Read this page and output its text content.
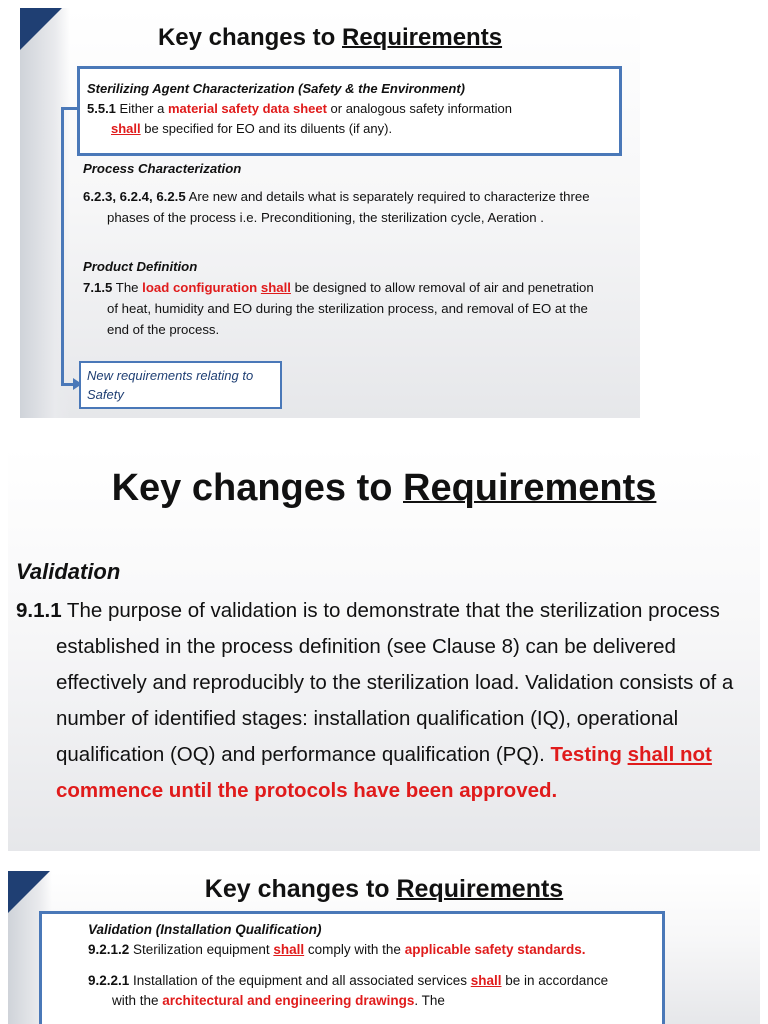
Key changes to Requirements
Sterilizing Agent Characterization (Safety & the Environment)
5.5.1 Either a material safety data sheet or analogous safety information
shall be specified for EO and its diluents (if any).
Process Characterization
6.2.3, 6.2.4, 6.2.5 Are new and details what is separately required to characterize three phases of the process i.e. Preconditioning, the sterilization cycle, Aeration .
Product Definition
7.1.5 The load configuration shall be designed to allow removal of air and penetration of heat, humidity and EO during the sterilization process, and removal of EO at the end of the process.
New requirements relating to Safety
Key changes to Requirements
Validation
9.1.1 The purpose of validation is to demonstrate that the sterilization process established in the process definition (see Clause 8) can be delivered effectively and reproducibly to the sterilization load. Validation consists of a number of identified stages: installation qualification (IQ), operational qualification (OQ) and performance qualification (PQ). Testing shall not commence until the protocols have been approved.
Key changes to Requirements
Validation (Installation Qualification)
9.2.1.2 Sterilization equipment shall comply with the applicable safety standards.
9.2.2.1 Installation of the equipment and all associated services shall be in accordance with the architectural and engineering drawings. The
